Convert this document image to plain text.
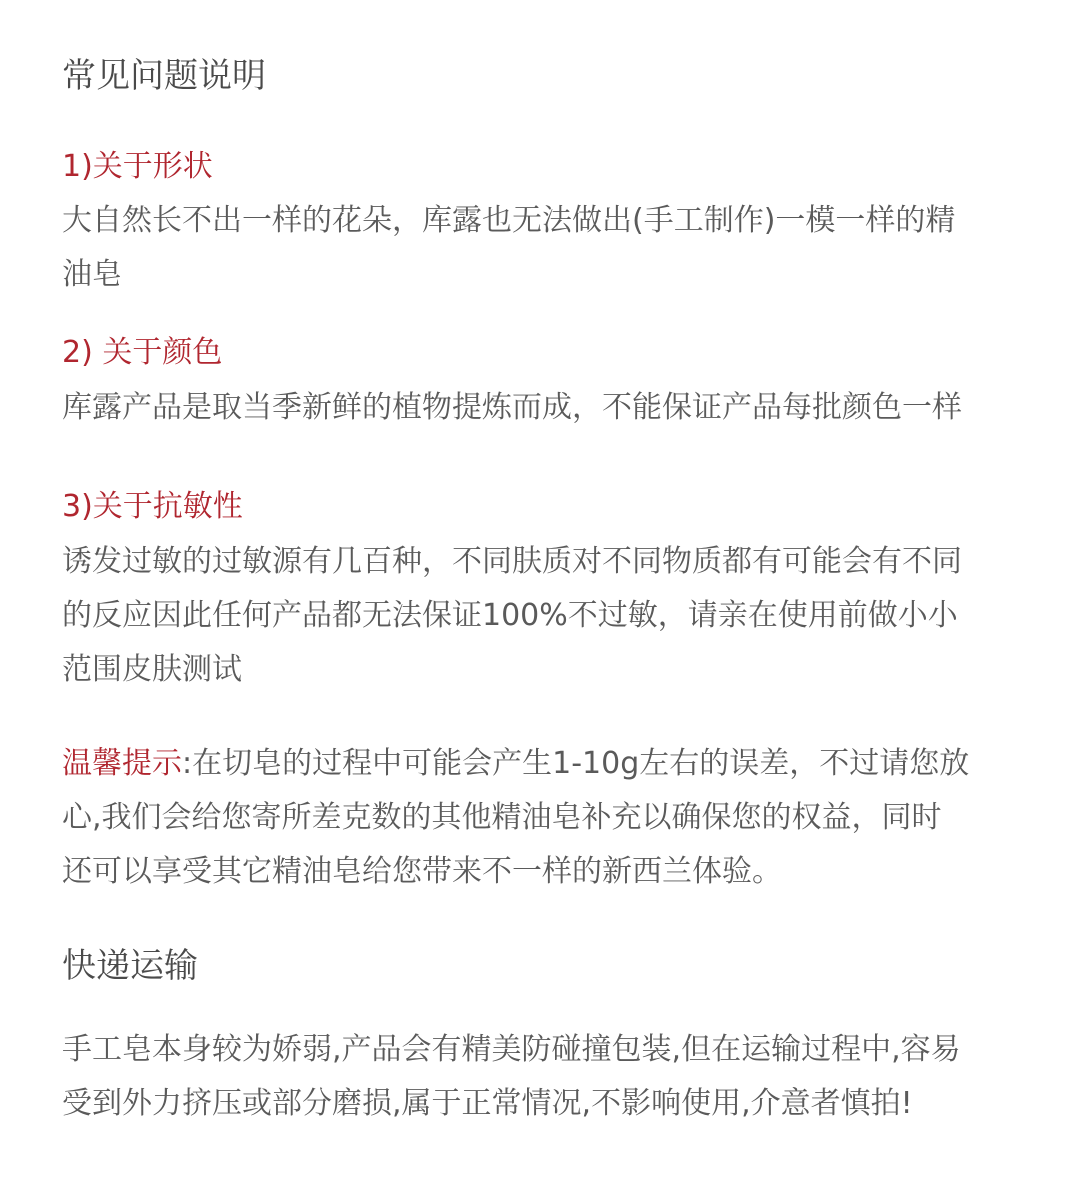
常见问题说明
1)关于形状
大自然长不出一样的花朵，库露也无法做出(手工制作)一模一样的精
油皂
2) 关于颜色
库露产品是取当季新鲜的植物提炼而成，不能保证产品每批颜色一样
3)关于抗敏性
诱发过敏的过敏源有几百种，不同肤质对不同物质都有可能会有不同
的反应因此任何产品都无法保证100%不过敏，请亲在使用前做小小
范围皮肤测试
温馨提示:在切皂的过程中可能会产生1-10g左右的误差，不过请您放
心,我们会给您寄所差克数的其他精油皂补充以确保您的权益，同时
还可以享受其它精油皂给您带来不一样的新西兰体验。
快递运输
手工皂本身较为娇弱,产品会有精美防碰撞包装,但在运输过程中,容易
受到外力挤压或部分磨损,属于正常情况,不影响使用,介意者慎拍!
